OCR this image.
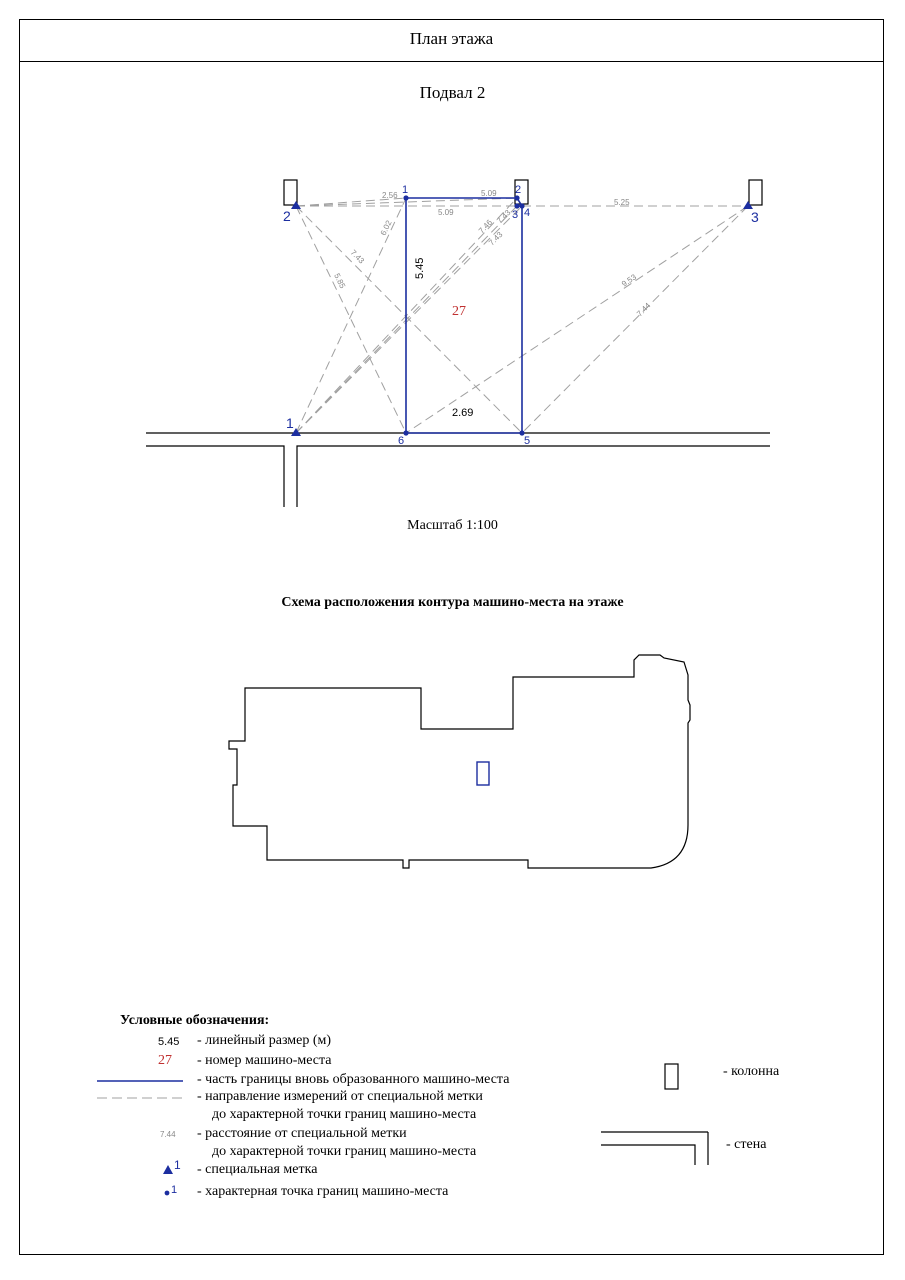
План этажа
Подвал 2
2.56	5.09
5.09
5.25
6.02
7.43
5.85
7.46
7.43
7.43
9.53
7.44
5.45
2.69
27
1	2
3 4
5
6
1
2	3
Масштаб 1:100
Схема расположения контура машино-места на этаже
Условные обозначения:
5.45 - линейный размер (м)
27 - номер машино-места
- часть границы вновь образованного машино-места
- направление измерений от специальной метки
до характерной точки границ машино-места
7.44 - расстояние от специальной метки
до характерной точки границ машино-места
1 - специальная метка
1 - характерная точка границ машино-места
- колонна
- стена
